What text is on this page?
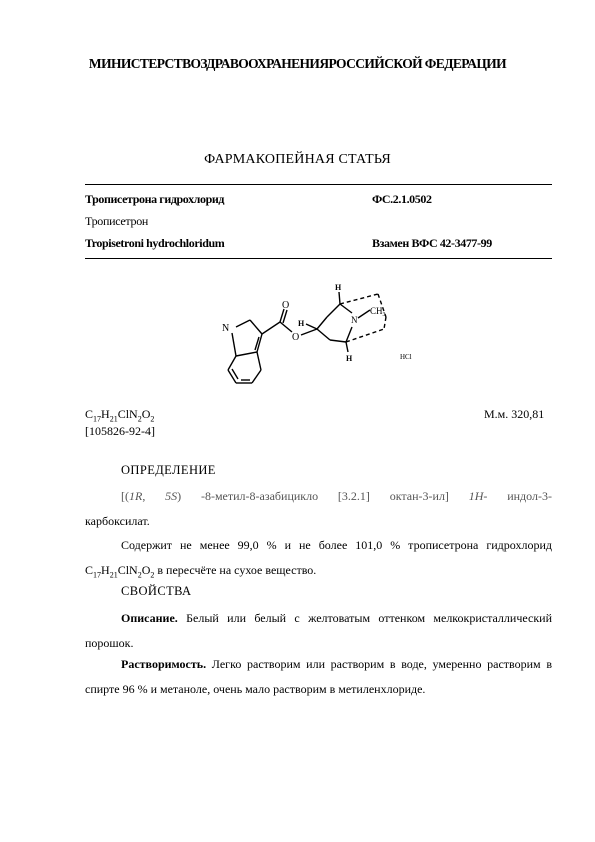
МИНИСТЕРСТВОЗДРАВООХРАНЕНИЯРОССИЙСКОЙ ФЕДЕРАЦИИ
ФАРМАКОПЕЙНАЯ СТАТЬЯ
Трописетрона гидрохлорид	ФС.2.1.0502
Трописетрон
Tropisetroni hydrochloridum	Взамен ВФС 42-3477-99
N
O
O
H
H
H
N
$CH_3$
HCl
$C_{17}H_{21}ClN_2O_2$	М.м. 320,81
[105826-92-4]
ОПРЕДЕЛЕНИЕ
[(1R, 5S) -8-метил-8-азабицикло [3.2.1] октан-3-ил] 1H- индол-3-
карбоксилат.
Содержит не менее 99,0 % и не более 101,0 % трописетрона гидрохлорид $C_{17}H_{21}ClN_2O_2$ в пересчёте на сухое вещество.
СВОЙСТВА
Описание. Белый или белый с желтоватым оттенком мелкокристаллический порошок.
Растворимость. Легко растворим или растворим в воде, умеренно растворим в спирте 96 % и метаноле, очень мало растворим в метиленхлориде.
